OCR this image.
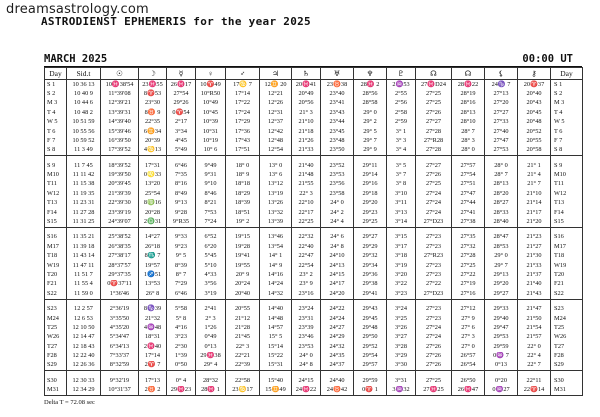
dreamsastrology.com
ASTRODIENST EPHEMERIS for the year 2025
MARCH 2025	00:00 UT
Day	Sid.t	☉	☽	☿	♀	♂	♃	♄	♅	♆	♇	☊	☊	⚸	⚷	Day
S 1	10 36 13	10♓38'54	23♓55	26♓17	10♈49	17♋ 7	12♊ 20	20♓41	23♉38	28♓ 2	2♒53	27♓D24	28♓22	24♑ 7	20♈37	S 1
S 2	10 40 9	11°39'08	8♈53	27°54	10°R50	17°14	12°21	20°49	23°40	28°56	2°55	27°25	28°19	27°13	20°40	S 2
M 3	10 44 6	12°39'21	23°30	29°26	10°49	17°22	12°26	20°56	23°41	28°58	2°56	27°25	28°16	27°20	20°43	M 3
T 4	10 48 2	13°39'31	8♉ 9	0♈54	10°45	17°24	12°31	21° 3	23°43	29° 0	2°58	27°26	28°13	27°27	20°45	T 4
W 5	10 51 59	14°39'40	22°35	2°17	10°39	17°29	12°37	21°10	23°44	29° 2	2°59	27°27	28°10	27°33	20°48	W 5
T 6	10 55 56	15°39'46	6♊34	3°34	10°31	17°36	12°42	21°18	23°45	29° 5	3° 1	27°28	28° 7	27°40	20°52	T 6
F 7	10 59 52	16°39'50	20°39	4°45	10°19	17°43	12°48	21°26	23°48	29° 7	3° 3	27°R28	28° 3	27°47	20°55	F 7
S 8	11 3 49	17°39'52	4♋13	5°49	10° 6	17°51	12°54	21°33	23°50	29° 9	3° 4	27°28	28° 0	27°53	20°58	S 8
S 9	11 7 45	18°39'52	17°31	6°46	9°49	18° 0	13° 0	21°40	23°52	29°11	3° 5	27°27	27°57	28° 0	21° 1	S 9
M10	11 11 42	19°39'50	0♌33	7°35	9°31	18° 9	13° 6	21°48	23°53	29°14	3° 7	27°26	27°54	28° 7	21° 4	M10
T11	11 15 38	20°39'45	13°20	8°16	9°10	18°18	13°12	21°55	23°56	29°16	3° 8	27°25	27°51	28°13	21° 7	T11
W12	11 19 35	21°39'39	25°54	8°49	8°46	18°29	13°19	22° 3	23°58	29°18	3°10	27°24	27°47	28°20	21°10	W12
T13	11 23 31	22°39'30	8♍16	9°13	8°21	18°39	13°26	22°10	24° 0	29°20	3°11	27°24	27°44	28°27	21°14	T13
F14	11 27 28	23°39'19	20°28	9°28	7°53	18°51	13°32	22°17	24° 2	29°23	3°13	27°24	27°41	28°33	21°17	F14
S15	11 31 25	24°39'07	2♎31	9°R35	7°24	19° 2	13°39	22°25	24° 4	29°25	3°14	27°D23	27°38	28°40	21°20	S15
S16	11 35 21	25°38'52	14°27	9°33	6°52	19°15	13°46	22°32	24° 6	29°27	3°15	27°23	27°35	28°47	21°23	S16
M17	11 39 18	26°38'35	26°18	9°23	6°20	19°28	13°54	22°40	24° 8	29°29	3°17	27°23	27°32	28°53	21°27	M17
T18	11 43 14	27°38'17	8♏ 7	9° 5	5°45	19°41	14° 1	22°47	24°10	29°32	3°18	27°R23	27°28	29° 0	21°30	T18
W19	11 47 11	28°37'57	19°57	8°39	5°10	19°55	14° 9	22°54	24°13	29°34	3°19	27°23	27°25	29° 7	21°33	W19
T20	11 51 7	29°37'35	1♐51	8° 7	4°33	20° 9	14°16	23° 2	24°15	29°36	3°20	27°23	27°22	29°13	21°37	T20
F21	11 55 4	0♈37'11	13°53	7°29	3°56	20°24	14°24	23° 9	24°17	29°38	3°22	27°22	27°19	29°20	21°40	F21
S22	11 59 0	1°36'46	26° 8	6°46	3°19	20°40	14°32	23°16	24°20	29°41	3°23	27°D23	27°16	29°27	21°43	S22
S23	12 2 57	2°36'19	8♑39	5°58	2°41	20°55	14°40	23°24	24°22	29°43	3°24	27°23	27°12	29°33	21°47	S23
M24	12 6 53	3°35'50	21°32	5° 8	2° 3	21°12	14°48	23°31	24°24	29°45	3°25	27°23	27° 9	29°40	21°50	M24
T25	12 10 50	4°35'20	4♒48	4°16	1°26	21°28	14°57	23°39	24°27	29°48	3°26	27°24	27° 6	29°47	21°54	T25
W26	12 14 47	5°34'47	18°31	3°23	0°49	21°45	15° 5	23°46	24°29	29°50	3°27	27°24	27° 3	29°53	21°57	W26
T27	12 18 43	6°34'13	2♓40	2°30	0°13	22° 3	15°14	23°53	24°32	29°52	3°28	27°26	27° 0	29°59	22° 0	T27
F28	12 22 40	7°33'37	17°14	1°39	29♓38	22°21	15°22	24° 0	24°35	29°54	3°29	27°26	26°57	0♒ 7	22° 4	F28
S29	12 26 36	8°32'59	2♈ 7	0°50	29° 4	22°39	15°31	24° 8	24°37	29°57	3°30	27°26	26°54	0°13	22° 7	S29
S30	12 30 33	9°32'19	17°13	0° 4	28°32	22°58	15°40	24°15	24°40	29°59	3°31	27°25	26°50	0°20	22°11	S30
M31	12 34 29	10°31'37	2♉ 2	29♓23	28♓ 1	23♋17	15♊49	24♓22	24♉42	0♈ 1	3♒32	27♓25	26♓47	0♒27	22♈14	M31
Delta T = 72.08 sec
